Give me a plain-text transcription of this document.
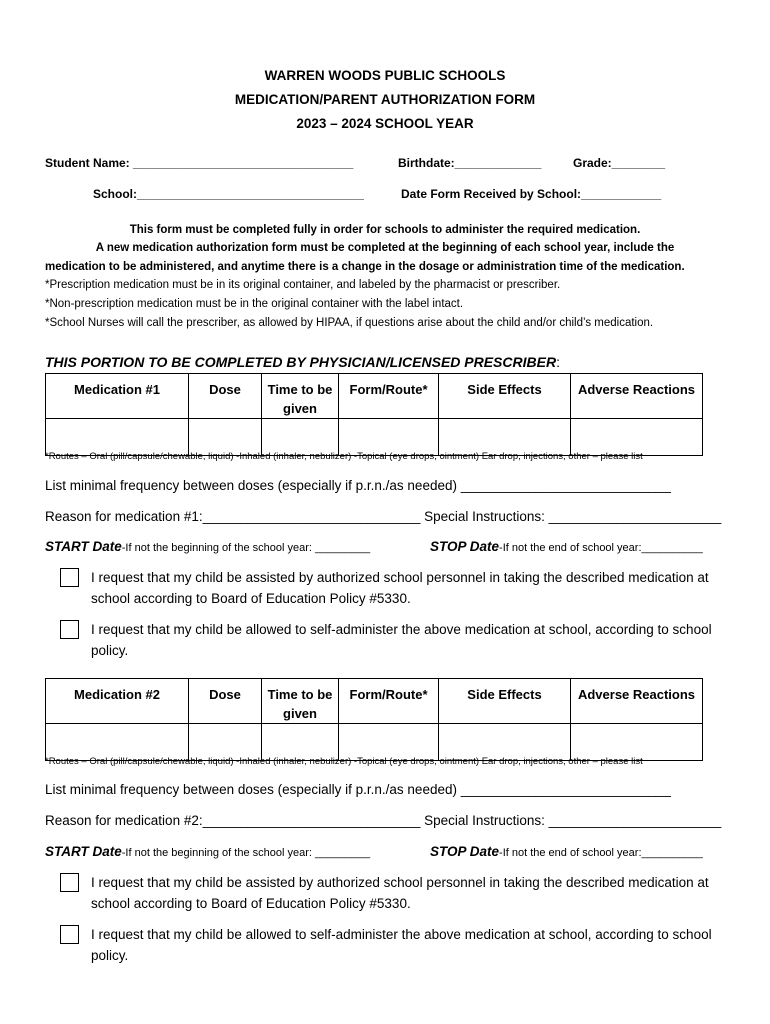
WARREN WOODS PUBLIC SCHOOLS
MEDICATION/PARENT AUTHORIZATION FORM
2023 – 2024 SCHOOL YEAR
Student Name: _________________________________	Birthdate:_____________	Grade:________
School:__________________________________	Date Form Received by School:____________
This form must be completed fully in order for schools to administer the required medication.
A new medication authorization form must be completed at the beginning of each school year, include the
medication to be administered, and anytime there is a change in the dosage or administration time of the medication.
*Prescription medication must be in its original container, and labeled by the pharmacist or prescriber.
*Non-prescription medication must be in the original container with the label intact.
*School Nurses will call the prescriber, as allowed by HIPAA, if questions arise about the child and/or child’s medication.
THIS PORTION TO BE COMPLETED BY PHYSICIAN/LICENSED PRESCRIBER:
Medication #1	Dose	Time to be given	Form/Route*	Side Effects	Adverse Reactions

*Routes – Oral (pill/capsule/chewable, liquid) -Inhaled (inhaler, nebulizer) -Topical (eye drops, ointment) Ear drop, injections, other – please list
List minimal frequency between doses (especially if p.r.n./as needed) ____________________________
Reason for medication #1:_____________________________ Special Instructions: _______________________
START Date-If not the beginning of the school year: _________	STOP Date-If not the end of school year:__________
I request that my child be assisted by authorized school personnel in taking the described medication at school according to Board of Education Policy #5330.
I request that my child be allowed to self-administer the above medication at school, according to school policy.
Medication #2	Dose	Time to be given	Form/Route*	Side Effects	Adverse Reactions

*Routes – Oral (pill/capsule/chewable, liquid) -Inhaled (inhaler, nebulizer) -Topical (eye drops, ointment) Ear drop, injections, other – please list
List minimal frequency between doses (especially if p.r.n./as needed) ____________________________
Reason for medication #2:_____________________________ Special Instructions: _______________________
START Date-If not the beginning of the school year: _________	STOP Date-If not the end of school year:__________
I request that my child be assisted by authorized school personnel in taking the described medication at school according to Board of Education Policy #5330.
I request that my child be allowed to self-administer the above medication at school, according to school policy.
